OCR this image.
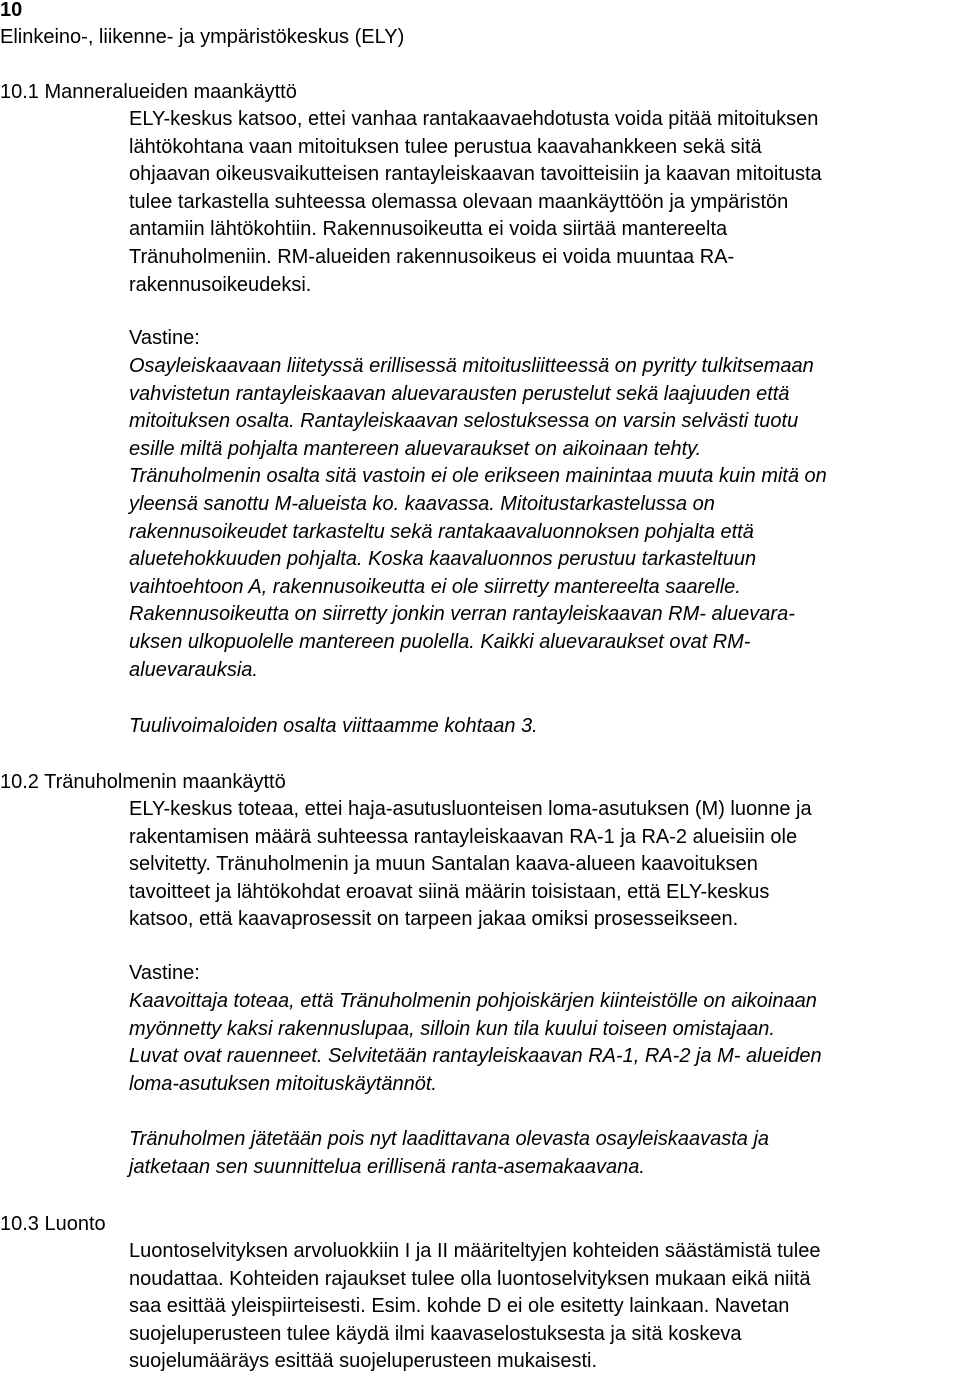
10
Elinkeino-, liikenne- ja ympäristökeskus (ELY)
10.1 Manneralueiden maankäyttö
ELY-keskus katsoo, ettei vanhaa rantakaavaehdotusta voida pitää mitoituksen
lähtökohtana vaan mitoituksen tulee perustua kaavahankkeen sekä sitä
ohjaavan oikeusvaikutteisen rantayleiskaavan tavoitteisiin ja kaavan mitoitusta
tulee tarkastella suhteessa olemassa olevaan maankäyttöön ja ympäristön
antamiin lähtökohtiin. Rakennusoikeutta ei voida siirtää mantereelta
Tränuholmeniin. RM-alueiden rakennusoikeus ei voida muuntaa RA-
rakennusoikeudeksi.
Vastine:
Osayleiskaavaan liitetyssä erillisessä mitoitusliitteessä on pyritty tulkitsemaan
vahvistetun rantayleiskaavan aluevarausten perustelut sekä laajuuden että
mitoituksen osalta. Rantayleiskaavan selostuksessa on varsin selvästi tuotu
esille miltä pohjalta mantereen aluevaraukset on aikoinaan tehty.
Tränuholmenin osalta sitä vastoin ei ole erikseen mainintaa muuta kuin mitä on
yleensä sanottu M-alueista ko. kaavassa. Mitoitustarkastelussa on
rakennusoikeudet tarkasteltu sekä rantakaavaluonnoksen pohjalta että
aluetehokkuuden pohjalta. Koska kaavaluonnos perustuu tarkasteltuun
vaihtoehtoon A, rakennusoikeutta ei ole siirretty mantereelta saarelle.
Rakennusoikeutta on siirretty jonkin verran rantayleiskaavan RM- aluevara-
uksen ulkopuolelle mantereen puolella. Kaikki aluevaraukset ovat RM-
aluevarauksia.
Tuulivoimaloiden osalta viittaamme kohtaan 3.
10.2 Tränuholmenin maankäyttö
ELY-keskus toteaa, ettei haja-asutusluonteisen loma-asutuksen (M) luonne ja
rakentamisen määrä suhteessa rantayleiskaavan RA-1 ja RA-2 alueisiin ole
selvitetty. Tränuholmenin ja muun Santalan kaava-alueen kaavoituksen
tavoitteet ja lähtökohdat eroavat siinä määrin toisistaan, että ELY-keskus
katsoo, että kaavaprosessit on tarpeen jakaa omiksi prosesseikseen.
Vastine:
Kaavoittaja toteaa, että Tränuholmenin pohjoiskärjen kiinteistölle on aikoinaan
myönnetty kaksi rakennuslupaa, silloin kun tila kuului toiseen omistajaan.
Luvat ovat rauenneet. Selvitetään rantayleiskaavan RA-1, RA-2 ja M- alueiden
loma-asutuksen mitoituskäytännöt.
Tränuholmen jätetään pois nyt laadittavana olevasta osayleiskaavasta ja
jatketaan sen suunnittelua erillisenä ranta-asemakaavana.
10.3 Luonto
Luontoselvityksen arvoluokkiin I ja II määriteltyjen kohteiden säästämistä tulee
noudattaa. Kohteiden rajaukset tulee olla luontoselvityksen mukaan eikä niitä
saa esittää yleispiirteisesti. Esim. kohde D ei ole esitetty lainkaan. Navetan
suojeluperusteen tulee käydä ilmi kaavaselostuksesta ja sitä koskeva
suojelumääräys esittää suojeluperusteen mukaisesti.
